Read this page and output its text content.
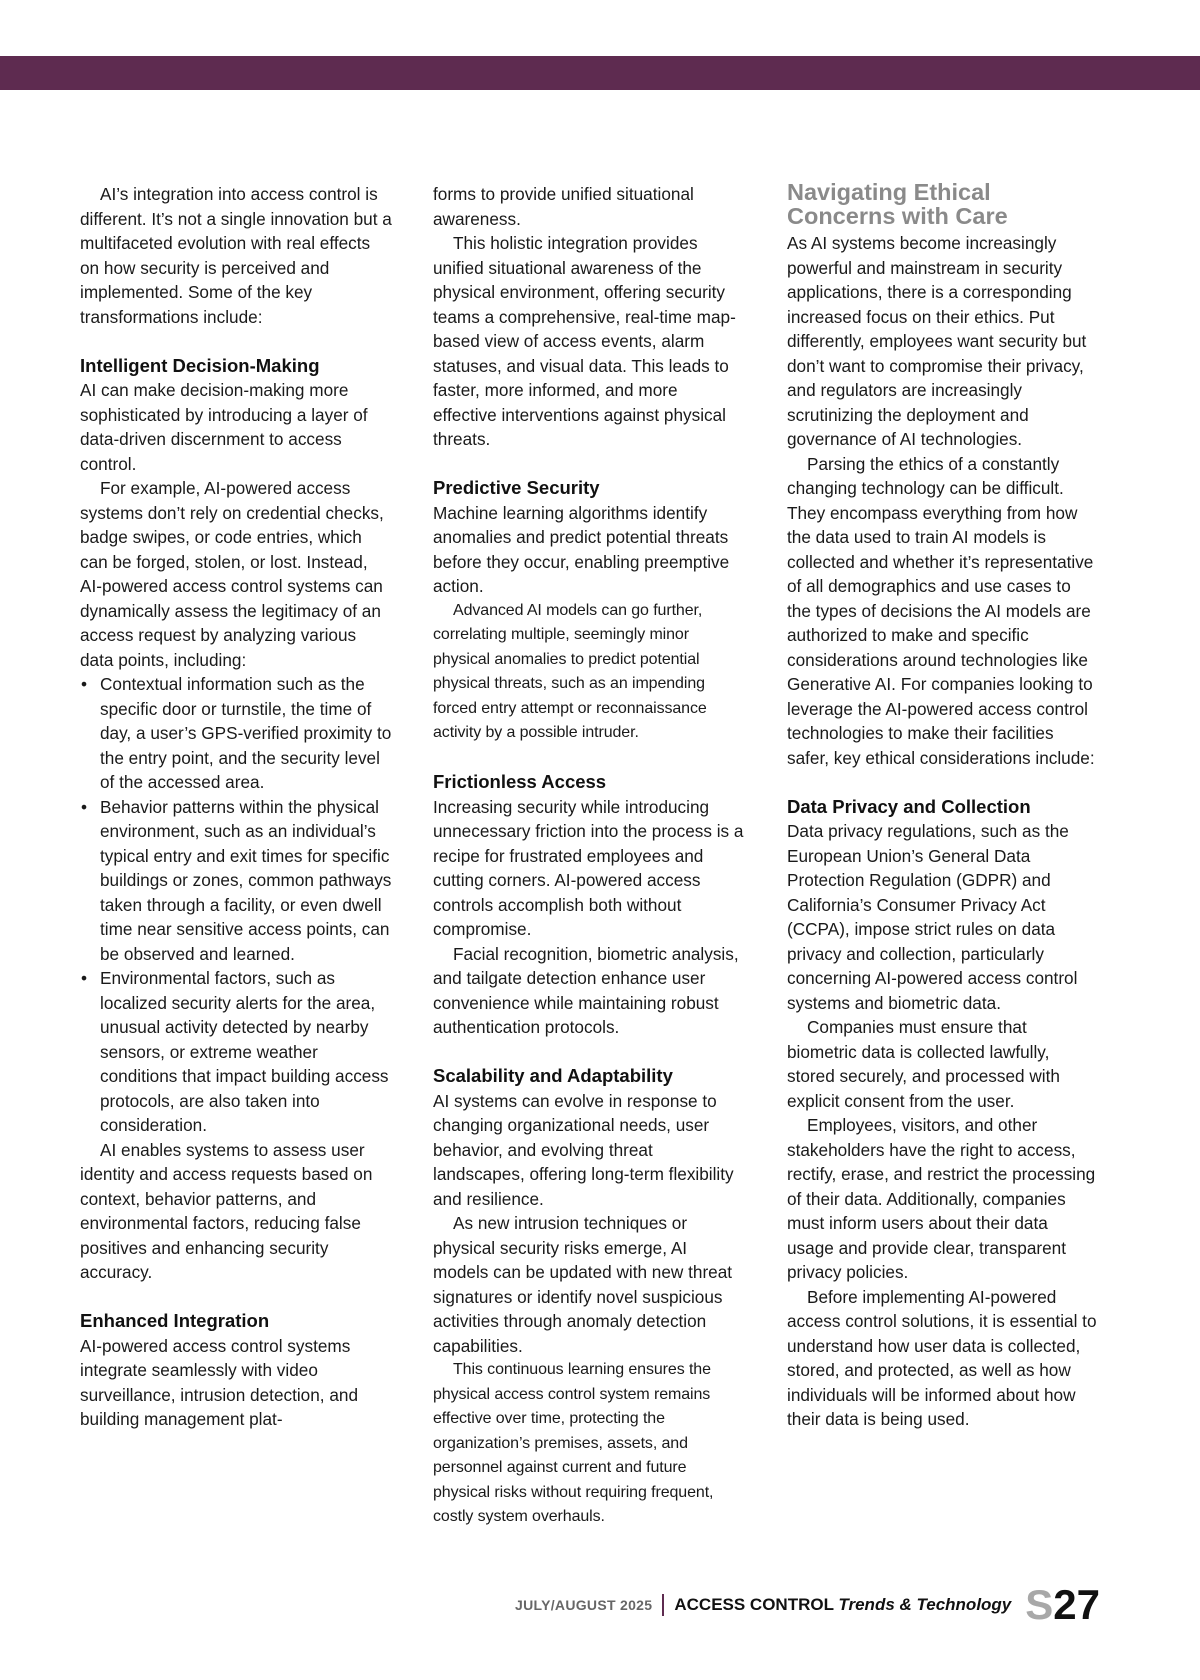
AI’s integration into access control is different. It’s not a single innovation but a multifaceted evolution with real effects on how security is perceived and implemented. Some of the key transformations include:

Intelligent Decision-Making

AI can make decision-making more sophisticated by introducing a layer of data-driven discernment to access control.

For example, AI-powered access systems don’t rely on credential checks, badge swipes, or code entries, which can be forged, stolen, or lost. Instead, AI-powered access control systems can dynamically assess the legitimacy of an access request by analyzing various data points, including:

• Contextual information such as the specific door or turnstile, the time of day, a user’s GPS-verified proximity to the entry point, and the security level of the accessed area.
• Behavior patterns within the physical environment, such as an individual’s typical entry and exit times for specific buildings or zones, common pathways taken through a facility, or even dwell time near sensitive access points, can be observed and learned.
• Environmental factors, such as localized security alerts for the area, unusual activity detected by nearby sensors, or extreme weather conditions that impact building access protocols, are also taken into consideration.

AI enables systems to assess user identity and access requests based on context, behavior patterns, and environmental factors, reducing false positives and enhancing security accuracy.

Enhanced Integration

AI-powered access control systems integrate seamlessly with video surveillance, intrusion detection, and building management plat-

forms to provide unified situational awareness.

This holistic integration provides unified situational awareness of the physical environment, offering security teams a comprehensive, real-time map-based view of access events, alarm statuses, and visual data. This leads to faster, more informed, and more effective interventions against physical threats.

Predictive Security

Machine learning algorithms identify anomalies and predict potential threats before they occur, enabling preemptive action.

Advanced AI models can go further, correlating multiple, seemingly minor physical anomalies to predict potential physical threats, such as an impending forced entry attempt or reconnaissance activity by a possible intruder.

Frictionless Access

Increasing security while introducing unnecessary friction into the process is a recipe for frustrated employees and cutting corners. AI-powered access controls accomplish both without compromise.

Facial recognition, biometric analysis, and tailgate detection enhance user convenience while maintaining robust authentication protocols.

Scalability and Adaptability

AI systems can evolve in response to changing organizational needs, user behavior, and evolving threat landscapes, offering long-term flexibility and resilience.

As new intrusion techniques or physical security risks emerge, AI models can be updated with new threat signatures or identify novel suspicious activities through anomaly detection capabilities.

This continuous learning ensures the physical access control system remains effective over time, protecting the organization’s premises, assets, and personnel against current and future physical risks without requiring frequent, costly system overhauls.

Navigating Ethical Concerns with Care

As AI systems become increasingly powerful and mainstream in security applications, there is a corresponding increased focus on their ethics. Put differently, employees want security but don’t want to compromise their privacy, and regulators are increasingly scrutinizing the deployment and governance of AI technologies.

Parsing the ethics of a constantly changing technology can be difficult. They encompass everything from how the data used to train AI models is collected and whether it’s representative of all demographics and use cases to the types of decisions the AI models are authorized to make and specific considerations around technologies like Generative AI. For companies looking to leverage the AI-powered access control technologies to make their facilities safer, key ethical considerations include:

Data Privacy and Collection

Data privacy regulations, such as the European Union’s General Data Protection Regulation (GDPR) and California’s Consumer Privacy Act (CCPA), impose strict rules on data privacy and collection, particularly concerning AI-powered access control systems and biometric data.

Companies must ensure that biometric data is collected lawfully, stored securely, and processed with explicit consent from the user.

Employees, visitors, and other stakeholders have the right to access, rectify, erase, and restrict the processing of their data. Additionally, companies must inform users about their data usage and provide clear, transparent privacy policies.

Before implementing AI-powered access control solutions, it is essential to understand how user data is collected, stored, and protected, as well as how individuals will be informed about how their data is being used.

JULY/AUGUST 2025 ACCESS CONTROL Trends & Technology S27
